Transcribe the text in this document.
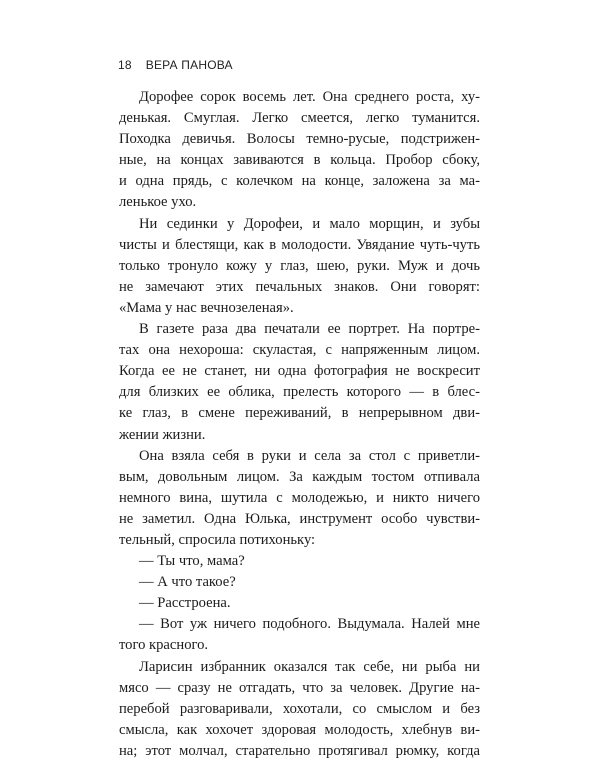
18 ВЕРА ПАНОВА
Дорофее сорок восемь лет. Она среднего роста, ху-
денькая. Смуглая. Легко смеется, легко туманится.
Походка девичья. Волосы темно-русые, подстрижен-
ные, на концах завиваются в кольца. Пробор сбоку,
и одна прядь, с колечком на конце, заложена за ма-
ленькое ухо.
Ни сединки у Дорофеи, и мало морщин, и зубы
чисты и блестящи, как в молодости. Увядание чуть-чуть
только тронуло кожу у глаз, шею, руки. Муж и дочь
не замечают этих печальных знаков. Они говорят:
«Мама у нас вечнозеленая».
В газете раза два печатали ее портрет. На портре-
тах она нехороша: скуластая, с напряженным лицом.
Когда ее не станет, ни одна фотография не воскресит
для близких ее облика, прелесть которого — в блес-
ке глаз, в смене переживаний, в непрерывном дви-
жении жизни.
Она взяла себя в руки и села за стол с приветли-
вым, довольным лицом. За каждым тостом отпивала
немного вина, шутила с молодежью, и никто ничего
не заметил. Одна Юлька, инструмент особо чувстви-
тельный, спросила потихоньку:
— Ты что, мама?
— А что такое?
— Расстроена.
— Вот уж ничего подобного. Выдумала. Налей мне
того красного.
Ларисин избранник оказался так себе, ни рыба ни
мясо — сразу не отгадать, что за человек. Другие на-
перебой разговаривали, хохотали, со смыслом и без
смысла, как хохочет здоровая молодость, хлебнув ви-
на; этот молчал, старательно протягивал рюмку, когда
